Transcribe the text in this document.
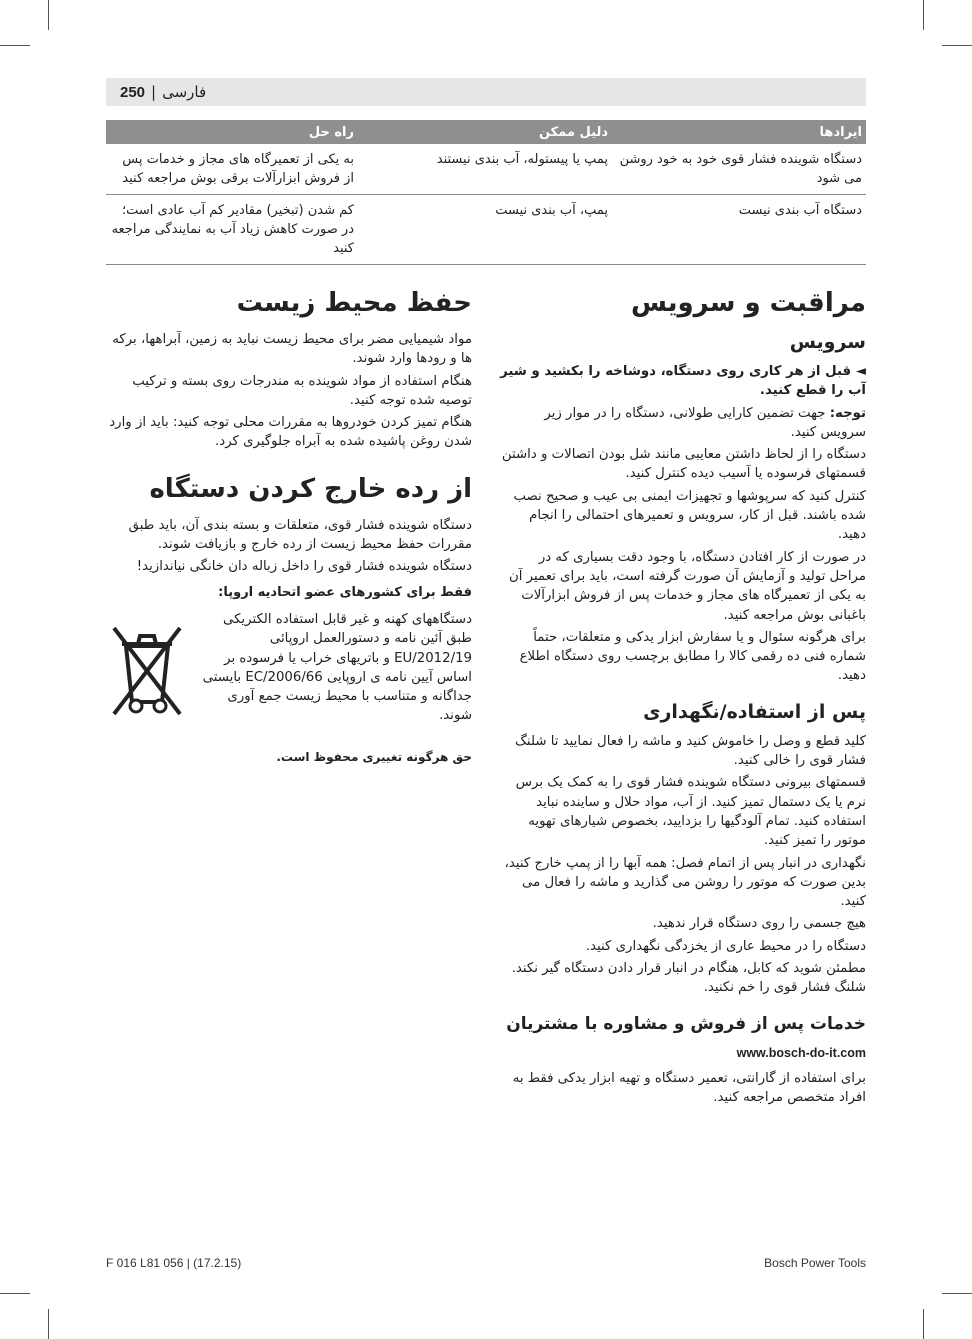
250 | فارسی
ایرادها	دلیل ممکن	راه حل
دستگاه شوینده فشار قوی خود به خود روشن می شود	پمپ یا پیستوله، آب بندی نیستند	به یکی از تعمیرگاه های مجاز و خدمات پس از فروش ابزارآلات برقی بوش مراجعه کنید
دستگاه آب بندی نیست	پمپ، آب بندی نیست	کم شدن (تبخیر) مقادیر کم آب عادی است؛ در صورت کاهش زیاد آب به نمایندگی مراجعه کنید
مراقبت و سرویس
سرویس

◄ قبل از هر کاری روی دستگاه، دوشاخه را بکشید و شیر آب را قطع کنید.

توجه: جهت تضمین کارایی طولانی، دستگاه را در موار زیر سرویس کنید.

دستگاه را از لحاظ داشتن معایبی مانند شل بودن اتصالات و داشتن قسمتهای فرسوده یا آسیب دیده کنترل کنید.

کنترل کنید که سرپوشها و تجهیزات ایمنی بی عیب و صحیح نصب شده باشند. قبل از کار، سرویس و تعمیرهای احتمالی را انجام دهید.

در صورت از کار افتادن دستگاه، با وجود دقت بسیاری که در مراحل تولید و آزمایش آن صورت گرفته است، باید برای تعمیر آن به یکی از تعمیرگاه های مجاز و خدمات پس از فروش ابزارآلات باغبانی بوش مراجعه کنید.

برای هرگونه سئوال و یا سفارش ابزار یدکی و متعلقات، حتماً شماره فنی ده رقمی کالا را مطابق برچسب روی دستگاه اطلاع دهید.

پس از استفاده/نگهداری

کلید قطع و وصل را خاموش کنید و ماشه را فعال نمایید تا شلنگ فشار قوی را خالی کنید.

قسمتهای بیرونی دستگاه شوینده فشار قوی را به کمک یک برس نرم یا یک دستمال تمیز کنید. از آب، مواد حلال و ساینده نباید استفاده کنید. تمام آلودگیها را بزدایید، بخصوص شیارهای تهویه موتور را تمیز کنید.

نگهداری در انبار پس از اتمام فصل: همه آبها را از پمپ خارج کنید، بدین صورت که موتور را روشن می گذارید و ماشه را فعال می کنید.

هیچ جسمی را روی دستگاه قرار ندهید.

دستگاه را در محیط عاری از یخزدگی نگهداری کنید.

مطمئن شوید که کابل، هنگام در انبار قرار دادن دستگاه گیر نکند. شلنگ فشار قوی را خم نکنید.

خدمات پس از فروش و مشاوره با مشتریان
www.bosch-do-it.com

برای استفاده از گارانتی، تعمیر دستگاه و تهیه ابزار یدکی فقط به افراد متخصص مراجعه کنید.

حفظ محیط زیست

مواد شیمیایی مضر برای محیط زیست نباید به زمین، آبراهها، برکه ها و رودها وارد شوند.

هنگام استفاده از مواد شوینده به مندرجات روی بسته و ترکیب توصیه شده توجه کنید.

هنگام تمیز کردن خودروها به مقررات محلی توجه کنید: باید از وارد شدن روغن پاشیده شده به آبراه جلوگیری کرد.

از رده خارج کردن دستگاه

دستگاه شوینده فشار قوی، متعلقات و بسته بندی آن، باید طبق مقررات حفظ محیط زیست از رده خارج و بازیافت شوند.

دستگاه شوینده فشار قوی را داخل زباله دان خانگی نیاندازید!

فقط برای کشورهای عضو اتحادیه اروپا:
دستگاههای کهنه و غیر قابل استفاده الکتریکی طبق آئین نامه و دستورالعمل اروپائی 2012/19/EU و باتریهای خراب یا فرسوده بر اساس آیین نامه ی اروپایی 2006/66/EC بایستی جداگانه و متناسب با محیط زیست جمع آوری شوند.

حق هرگونه تغییری محفوظ است.

F 016 L81 056 | (17.2.15)	Bosch Power Tools
